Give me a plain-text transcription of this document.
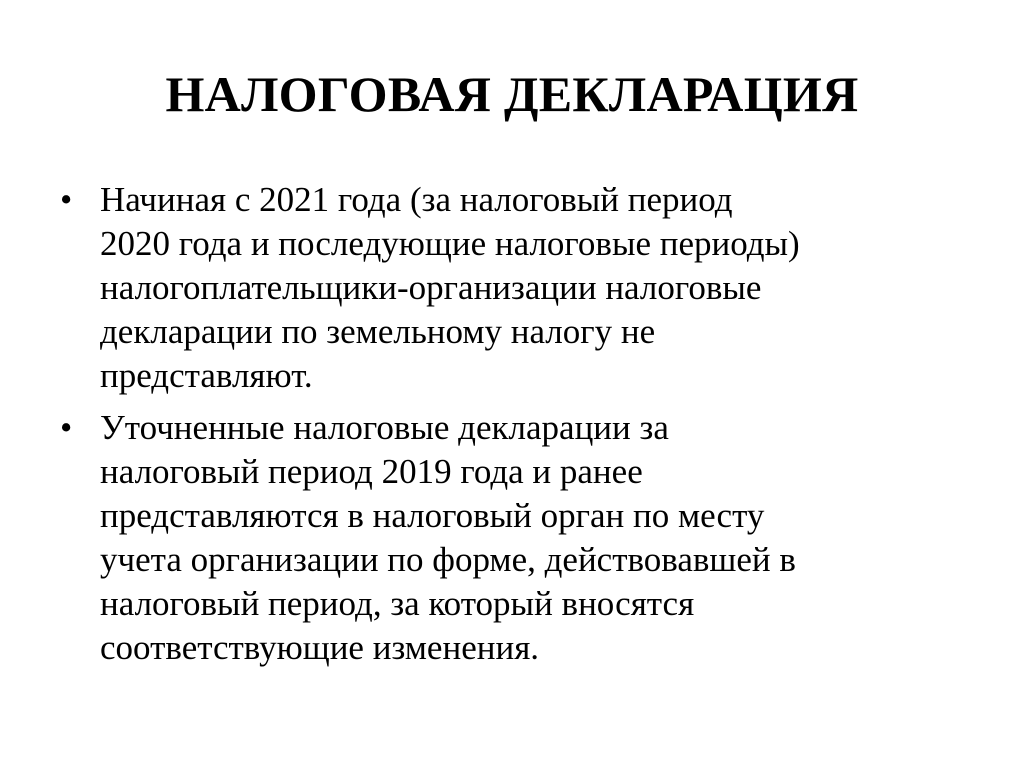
НАЛОГОВАЯ ДЕКЛАРАЦИЯ
• Начиная с 2021 года (за налоговый период
2020 года и последующие налоговые периоды)
налогоплательщики-организации налоговые
декларации по земельному налогу не
представляют.
• Уточненные налоговые декларации за
налоговый период 2019 года и ранее
представляются в налоговый орган по месту
учета организации по форме, действовавшей в
налоговый период, за который вносятся
соответствующие изменения.
